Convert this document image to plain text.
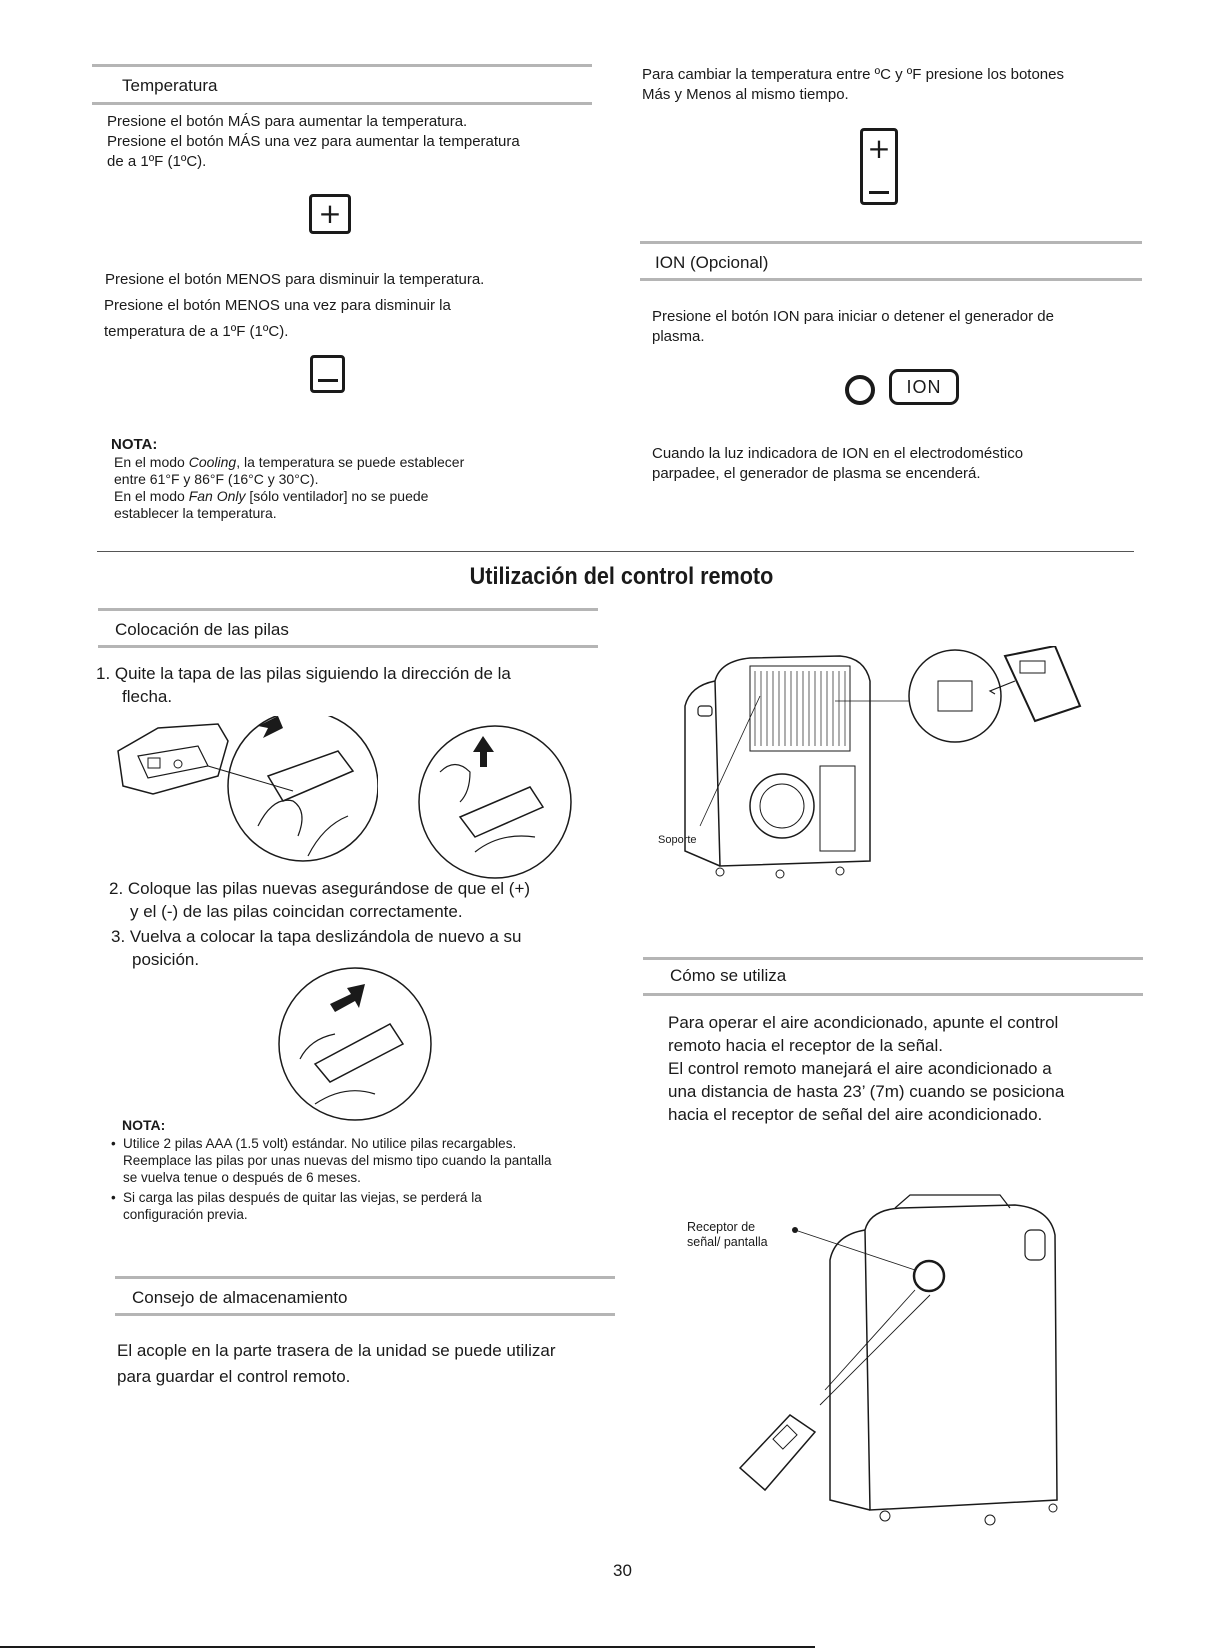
Temperatura

Presione el botón MÁS para aumentar la temperatura.

Presione el botón MÁS una vez para aumentar la temperatura

de a 1ºF (1ºC).

+

Presione el botón MENOS para disminuir la temperatura.

Presione el botón MENOS una vez para disminuir la

temperatura de a 1ºF (1ºC).

NOTA:
En el modo Cooling, la temperatura se puede establecer
entre 61°F y 86°F (16°C y 30°C).
En el modo Fan Only [sólo ventilador] no se puede
establecer la temperatura.

Para cambiar la temperatura entre ºC y ºF presione los botones

Más y Menos al mismo tiempo.

+
ION (Opcional)

Presione el botón ION para iniciar o detener el generador de

plasma.

ION

Cuando la luz indicadora de ION en el electrodoméstico

parpadee, el generador de plasma se encenderá.

Utilización del control remoto
Colocación de las pilas

1. Quite la tapa de las pilas siguiendo la dirección de la

flecha.

2. Coloque las pilas nuevas asegurándose de que el (+)

y el (-) de las pilas coincidan correctamente.

3. Vuelva a colocar la tapa deslizándola de nuevo a su

posición.

NOTA:
• Utilice 2 pilas AAA (1.5 volt) estándar. No utilice pilas recargables.
Reemplace las pilas por unas nuevas del mismo tipo cuando la pantalla
se vuelva tenue o después de 6 meses.
• Si carga las pilas después de quitar las viejas, se perderá la
configuración previa.
Consejo de almacenamiento

El acople en la parte trasera de la unidad se puede utilizar

para guardar el control remoto.

Soporte
Cómo se utiliza

Para operar el aire acondicionado, apunte el control

remoto hacia el receptor de la señal.

El control remoto manejará el aire acondicionado a

una distancia de hasta 23’ (7m) cuando se posiciona

hacia el receptor de señal del aire acondicionado.

Receptor de
señal/ pantalla
30
